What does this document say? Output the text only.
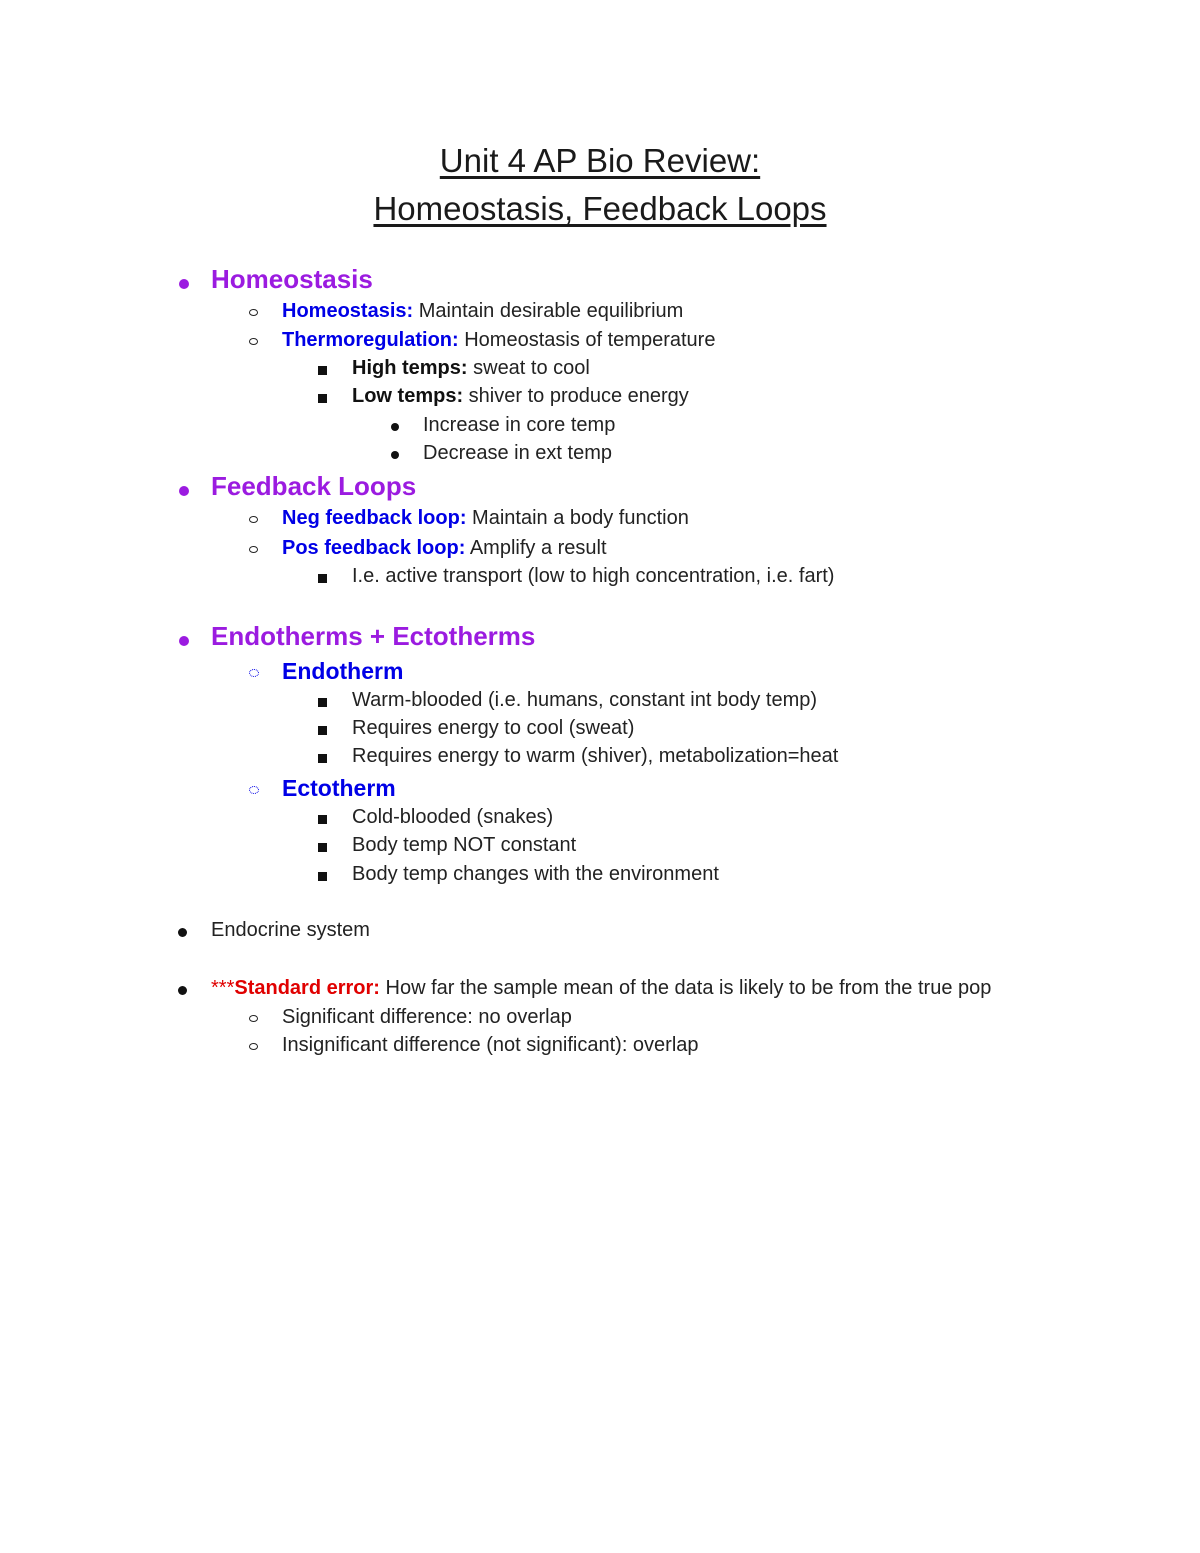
Unit 4 AP Bio Review:
Homeostasis, Feedback Loops
Homeostasis
Homeostasis: Maintain desirable equilibrium
Thermoregulation: Homeostasis of temperature
High temps: sweat to cool
Low temps: shiver to produce energy
Increase in core temp
Decrease in ext temp
Feedback Loops
Neg feedback loop: Maintain a body function
Pos feedback loop: Amplify a result
I.e. active transport (low to high concentration, i.e. fart)
Endotherms + Ectotherms
Endotherm
Warm-blooded (i.e. humans, constant int body temp)
Requires energy to cool (sweat)
Requires energy to warm (shiver), metabolization=heat
Ectotherm
Cold-blooded (snakes)
Body temp NOT constant
Body temp changes with the environment
Endocrine system
***Standard error: How far the sample mean of the data is likely to be from the true pop
Significant difference: no overlap
Insignificant difference (not significant): overlap
